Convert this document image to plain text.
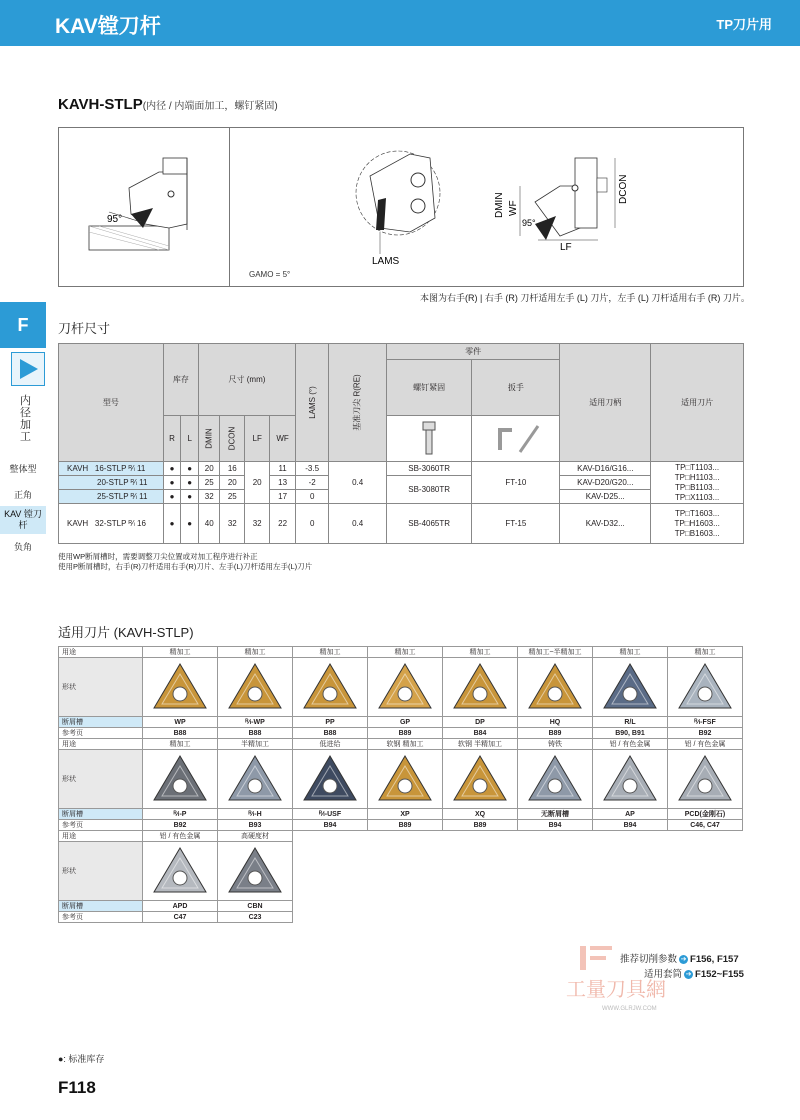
KAV镗刀杆	TP刀片用
KAVH-STLP(内径 / 内端面加工，螺钉紧固)
95°
LAMS
DCON
DMIN WF
95°
LF
GAMO = 5°
本图为右手(R) | 右手 (R) 刀杆适用左手 (L) 刀片，左手 (L) 刀杆适用右手 (R) 刀片。
F
内径加工
整体型
正角
KAV 镗刀杆
负角
刀杆尺寸
型号	库存		尺寸 (mm)				LAMS (°)	基准刀尖 R(RE)	零件		适用刀柄	适用刀片
									螺钉紧固	扳手		
	R	L	DMIN	DCON	LF	WF		
KAVH 16-STLP ᴿ⁄ₗ 11	●	●	20	16	20	11	-3.5	0.4	SB-3060TR	FT-10	KAV-D16/G16...	TP□T1103...
TP□H1103...
TP□B1103...
TP□X1103...

20-STLP ᴿ⁄ₗ 11	●	●	25	20		13	-2		SB-3080TR		KAV-D20/G20...	
25-STLP ᴿ⁄ₗ 11	●	●	32	25		17	0				KAV-D25...	
KAVH 32-STLP ᴿ⁄ₗ 16	●	●	40	32	32	22	0	0.4	SB-4065TR	FT-15	KAV-D32...	TP□T1603...
TP□H1603...
TP□B1603...
使用WP断屑槽时，需要调整刀尖位置或对加工程序进行补正
使用P断屑槽时，右手(R)刀杆适用右手(R)刀片、左手(L)刀杆适用左手(L)刀片
适用刀片 (KAVH-STLP)
用途	精加工	精加工	精加工	精加工	精加工	精加工~半精加工	精加工	精加工
形状								
断屑槽	WP	ᴿ⁄ₗ-WP	PP	GP	DP	HQ	R/L	ᴿ⁄ₗ-FSF
参考页	B88	B88	B88	B89	B84	B89	B90, B91	B92
用途	精加工	半精加工	低进给	软钢 精加工	软钢 半精加工	铸铁	铝 / 有色金属	铝 / 有色金属
形状								
断屑槽	ᴿ⁄ₗ-P	ᴿ⁄ₗ-H	ᴿ⁄ₗ-USF	XP	XQ	无断屑槽	AP	PCD(金刚石)
参考页	B92	B93	B94	B89	B89	B94	B94	C46, C47
用途	铝 / 有色金属	高硬度材						
形状		
断屑槽	APD	CBN						
参考页	C47	C23						
工量刀具網
WWW.GLRJW.COM
推荐切削参数 ➔ F156, F157
适用套筒 ➔ F152~F155
●: 标准库存
F118
